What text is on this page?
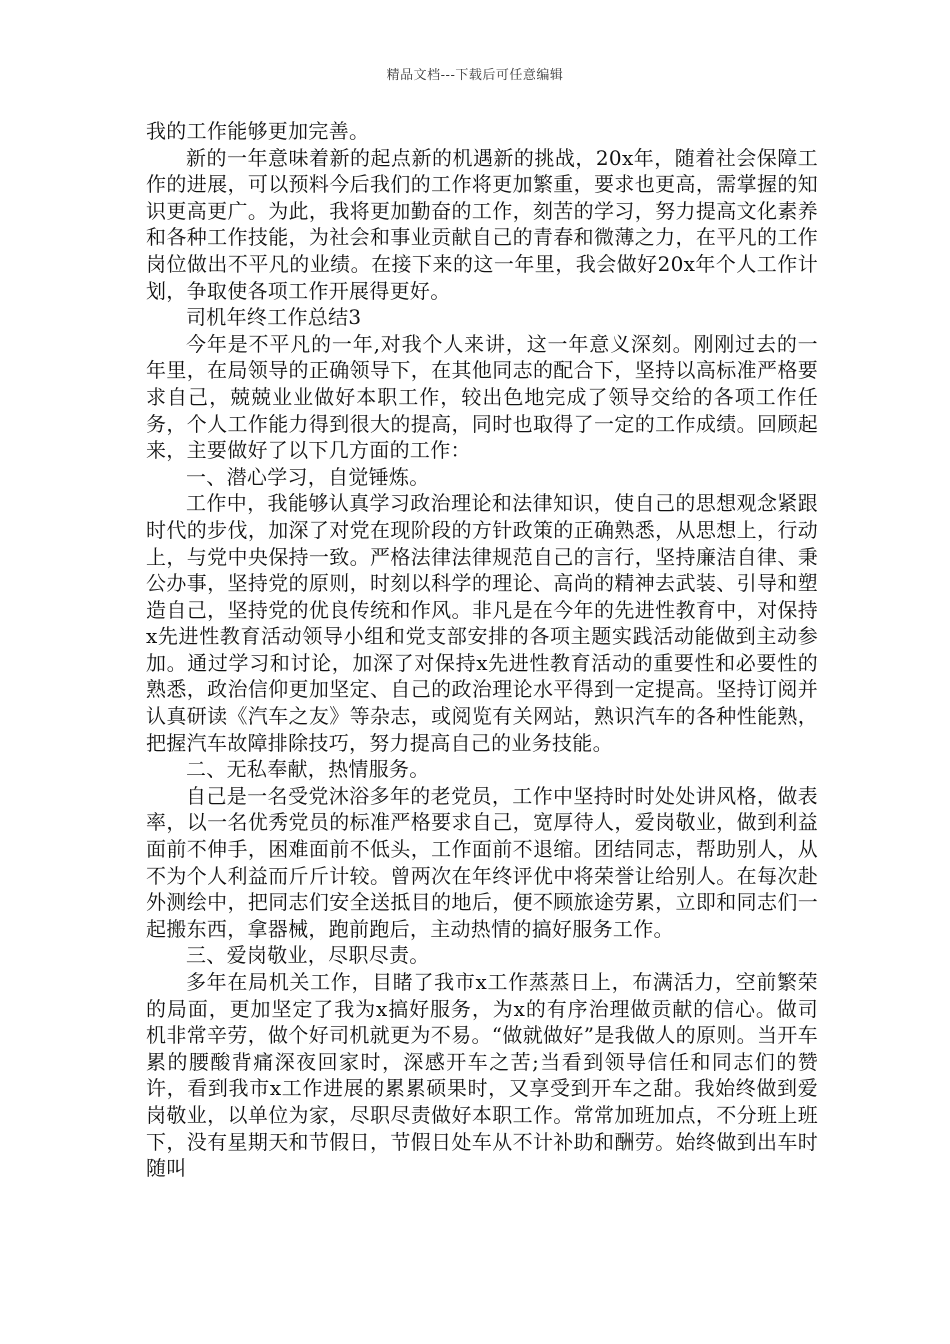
精品文档---下载后可任意编辑

我的工作能够更加完善。

新的一年意味着新的起点新的机遇新的挑战，20x年，随着社会保障工作的进展，可以预料今后我们的工作将更加繁重，要求也更高，需掌握的知识更高更广。为此，我将更加勤奋的工作，刻苦的学习，努力提高文化素养和各种工作技能，为社会和事业贡献自己的青春和微薄之力，在平凡的工作岗位做出不平凡的业绩。在接下来的这一年里，我会做好20x年个人工作计划，争取使各项工作开展得更好。

司机年终工作总结3

今年是不平凡的一年,对我个人来讲，这一年意义深刻。刚刚过去的一年里，在局领导的正确领导下，在其他同志的配合下，坚持以高标准严格要求自己，兢兢业业做好本职工作，较出色地完成了领导交给的各项工作任务，个人工作能力得到很大的提高，同时也取得了一定的工作成绩。回顾起来，主要做好了以下几方面的工作：

一、潜心学习，自觉锤炼。

工作中，我能够认真学习政治理论和法律知识，使自己的思想观念紧跟时代的步伐，加深了对党在现阶段的方针政策的正确熟悉，从思想上，行动上，与党中央保持一致。严格法律法律规范自己的言行，坚持廉洁自律、秉公办事，坚持党的原则，时刻以科学的理论、高尚的精神去武装、引导和塑造自己，坚持党的优良传统和作风。非凡是在今年的先进性教育中，对保持x先进性教育活动领导小组和党支部安排的各项主题实践活动能做到主动参加。通过学习和讨论，加深了对保持x先进性教育活动的重要性和必要性的熟悉，政治信仰更加坚定、自己的政治理论水平得到一定提高。坚持订阅并认真研读《汽车之友》等杂志，或阅览有关网站，熟识汽车的各种性能熟，把握汽车故障排除技巧，努力提高自己的业务技能。

二、无私奉献，热情服务。

自己是一名受党沐浴多年的老党员，工作中坚持时时处处讲风格，做表率，以一名优秀党员的标准严格要求自己，宽厚待人，爱岗敬业，做到利益面前不伸手，困难面前不低头，工作面前不退缩。团结同志，帮助别人，从不为个人利益而斤斤计较。曾两次在年终评优中将荣誉让给别人。在每次赴外测绘中，把同志们安全送抵目的地后，便不顾旅途劳累，立即和同志们一起搬东西，拿器械，跑前跑后，主动热情的搞好服务工作。

三、爱岗敬业，尽职尽责。

多年在局机关工作，目睹了我市x工作蒸蒸日上，布满活力，空前繁荣的局面，更加坚定了我为x搞好服务，为x的有序治理做贡献的信心。做司机非常辛劳，做个好司机就更为不易。“做就做好”是我做人的原则。当开车累的腰酸背痛深夜回家时，深感开车之苦;当看到领导信任和同志们的赞许，看到我市x工作进展的累累硕果时，又享受到开车之甜。我始终做到爱岗敬业，以单位为家，尽职尽责做好本职工作。常常加班加点，不分班上班下，没有星期天和节假日，节假日处车从不计补助和酬劳。始终做到出车时随叫
